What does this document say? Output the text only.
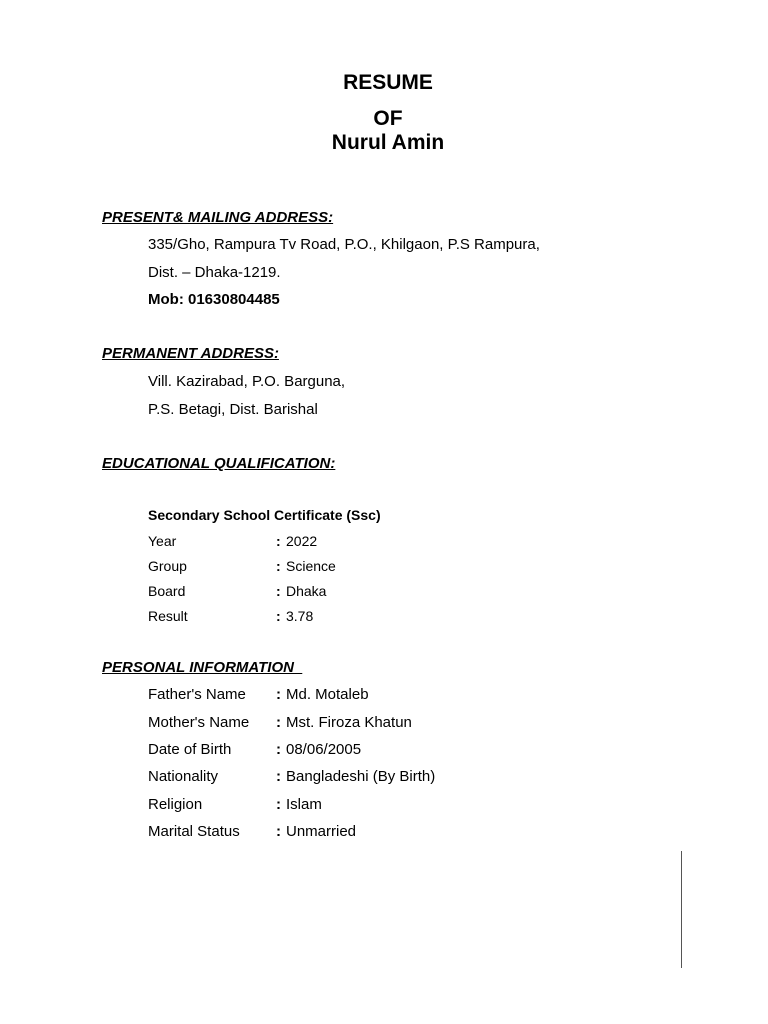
RESUME
OF
Nurul Amin
PRESENT& MAILING ADDRESS:

335/Gho, Rampura Tv Road, P.O., Khilgaon, P.S Rampura,

Dist. – Dhaka-1219.

Mob: 01630804485

PERMANENT ADDRESS:

Vill. Kazirabad, P.O. Barguna,

P.S. Betagi, Dist. Barishal

EDUCATIONAL QUALIFICATION:

Secondary School Certificate (Ssc)

Year	: 2022
Group	: Science
Board	: Dhaka
Result	: 3.78
PERSONAL INFORMATION
Father's Name : Md. Motaleb
Mother's Name : Mst. Firoza Khatun
Date of Birth	: 08/06/2005
Nationality	: Bangladeshi (By Birth)
Religion	: Islam
Marital Status : Unmarried
